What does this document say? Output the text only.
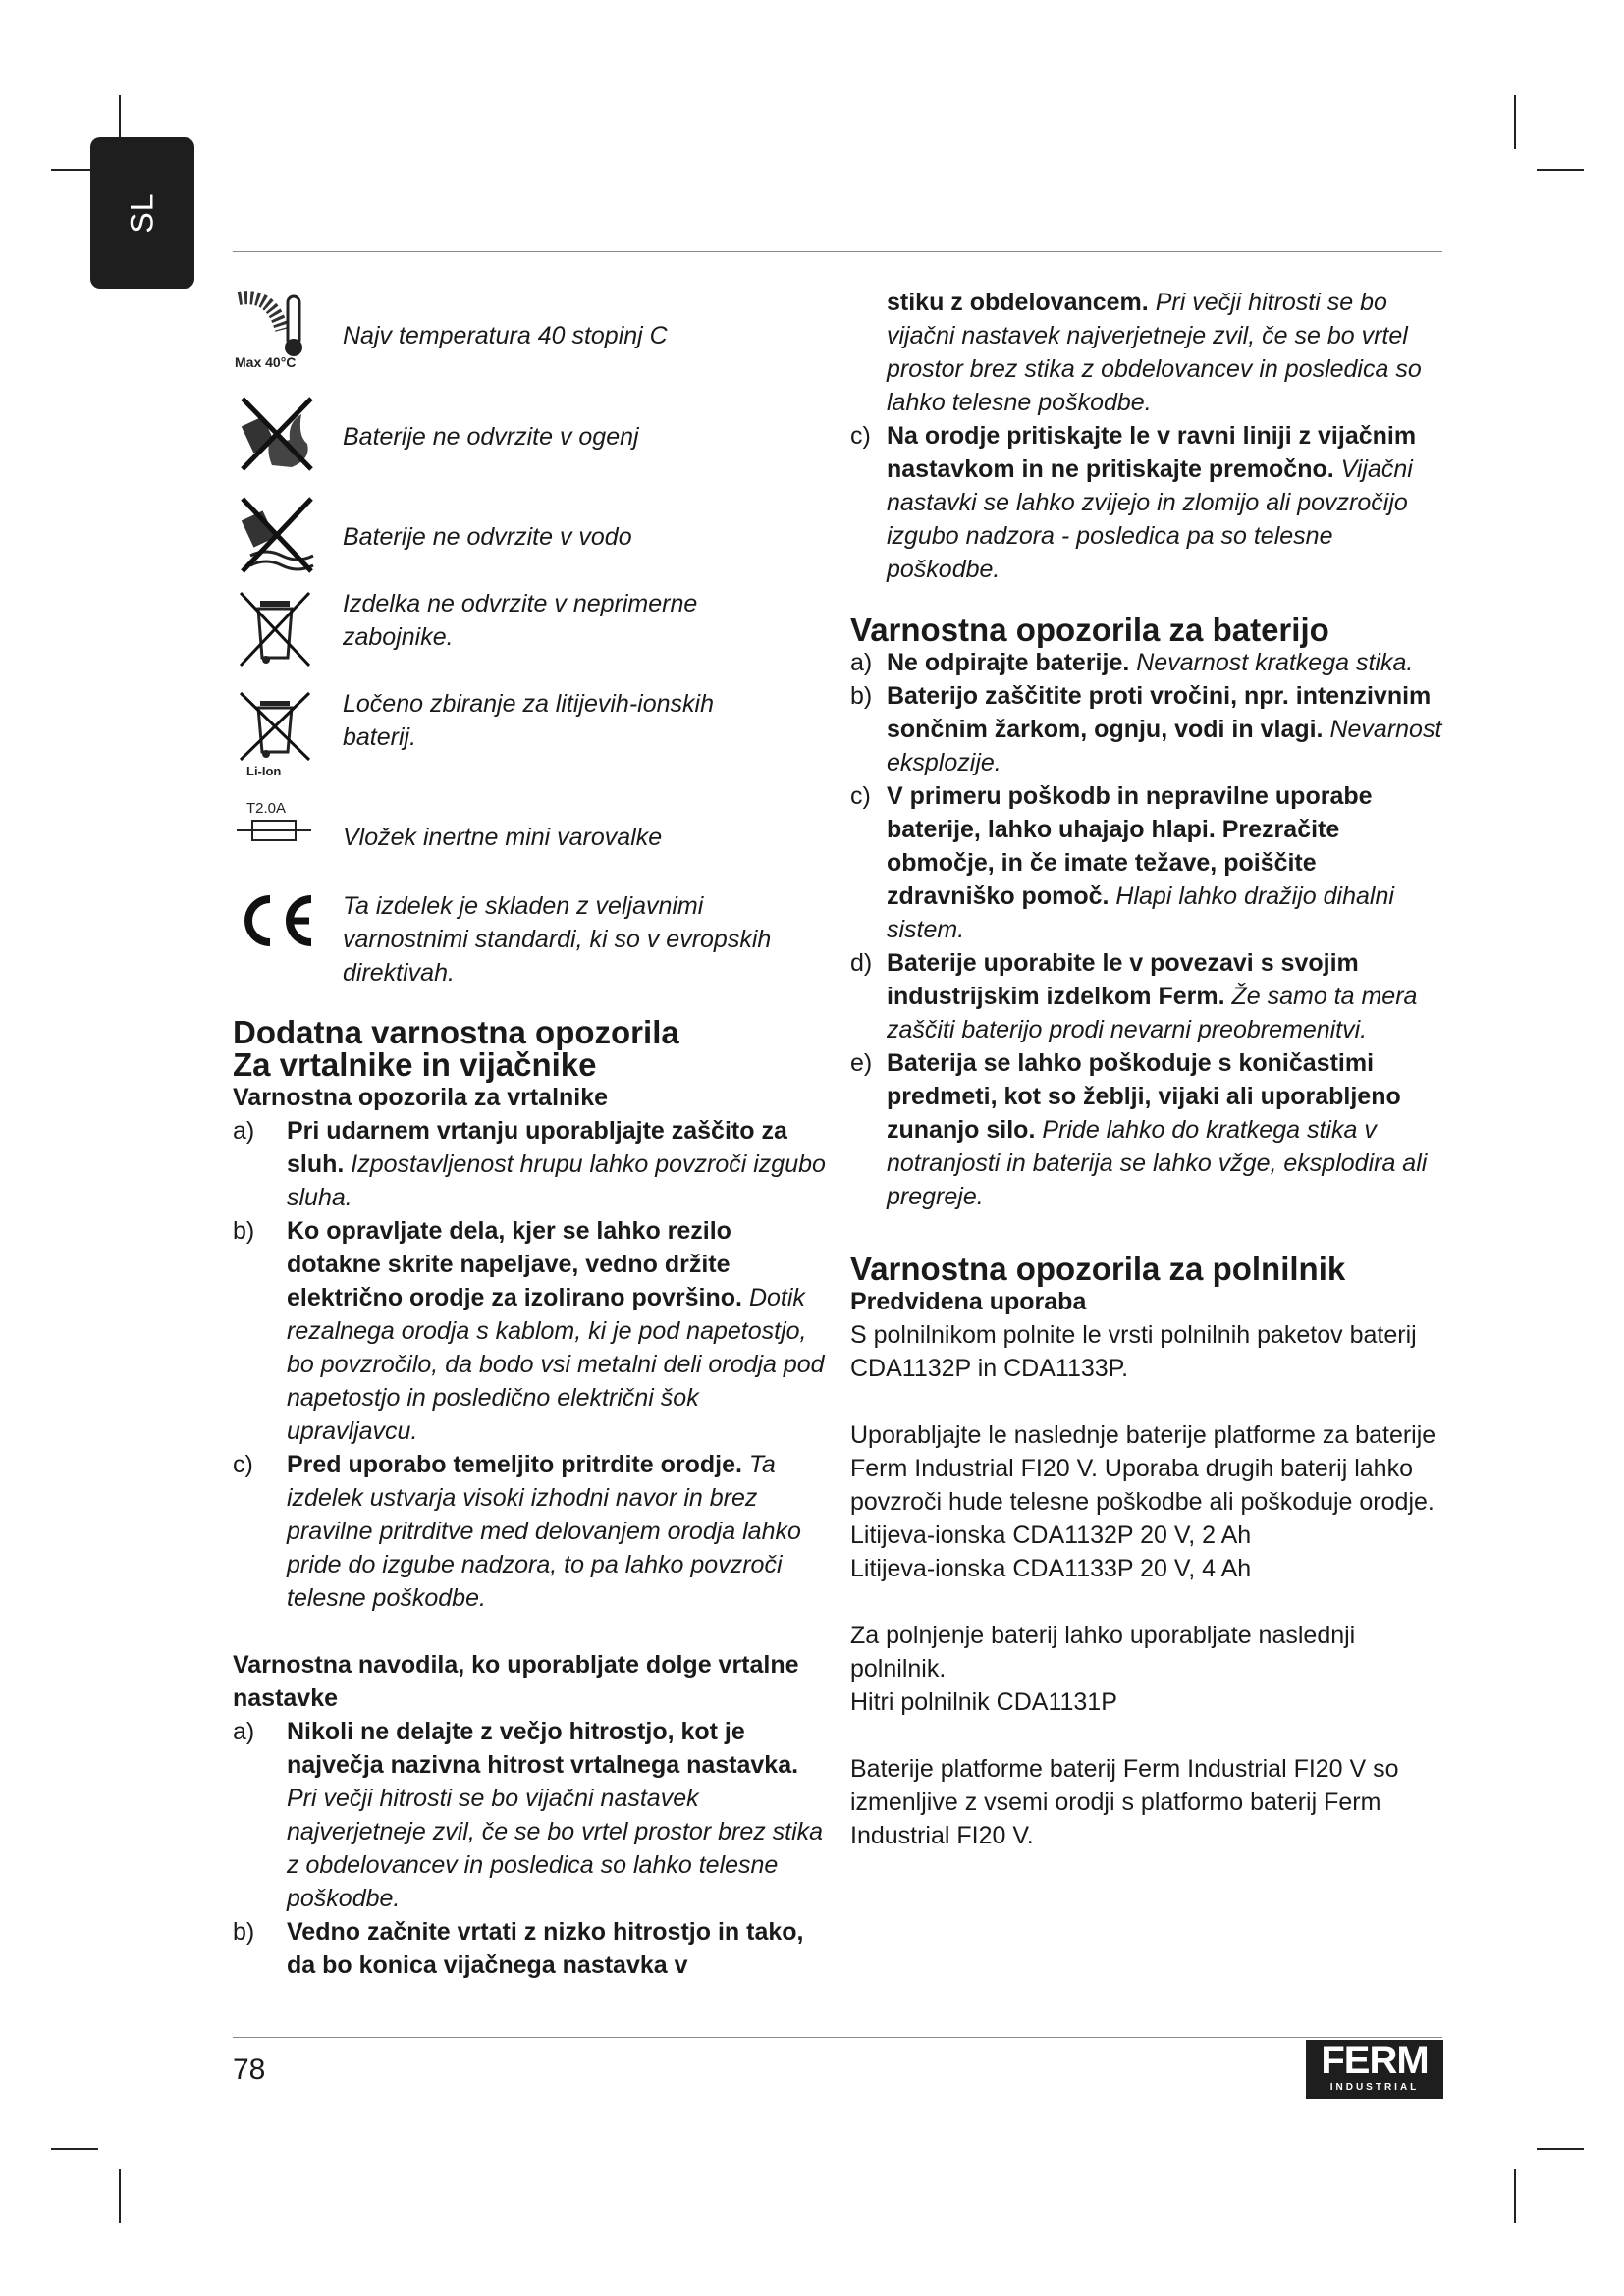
SL
Max 40°C
Najv temperatura 40 stopinj C
Baterije ne odvrzite v ogenj
Baterije ne odvrzite v vodo
Izdelka ne odvrzite v neprimerne zabojnike.
Li-Ion
Ločeno zbiranje za litijevih-ionskih baterij.
T2.0A
Vložek inertne mini varovalke
Ta izdelek je skladen z veljavnimi varnostnimi standardi, ki so v evropskih direktivah.
Dodatna varnostna opozorila
Za vrtalnike in vijačnike
Varnostna opozorila za vrtalnike
a)	Pri udarnem vrtanju uporabljajte zaščito za sluh. Izpostavljenost hrupu lahko povzroči izgubo sluha.

b)	Ko opravljate dela, kjer se lahko rezilo dotakne skrite napeljave, vedno držite električno orodje za izolirano površino. Dotik rezalnega orodja s kablom, ki je pod napetostjo, bo povzročilo, da bodo vsi metalni deli orodja pod napetostjo in posledično električni šok upravljavcu.

c)	Pred uporabo temeljito pritrdite orodje. Ta izdelek ustvarja visoki izhodni navor in brez pravilne pritrditve med delovanjem orodja lahko pride do izgube nadzora, to pa lahko povzroči telesne poškodbe.

Varnostna navodila, ko uporabljate dolge vrtalne nastavke
a)	Nikoli ne delajte z večjo hitrostjo, kot je največja nazivna hitrost vrtalnega nastavka. Pri večji hitrosti se bo vijačni nastavek najverjetneje zvil, če se bo vrtel prostor brez stika z obdelovancev in posledica so lahko telesne poškodbe.

b)	Vedno začnite vrtati z nizko hitrostjo in tako, da bo konica vijačnega nastavka v

stiku z obdelovancem. Pri večji hitrosti se bo vijačni nastavek najverjetneje zvil, če se bo vrtel prostor brez stika z obdelovancev in posledica so lahko telesne poškodbe.

c) Na orodje pritiskajte le v ravni liniji z vijačnim nastavkom in ne pritiskajte premočno. Vijačni nastavki se lahko zvijejo in zlomijo ali povzročijo izgubo nadzora - posledica pa so telesne poškodbe.

Varnostna opozorila za baterijo
a) Ne odpirajte baterije. Nevarnost kratkega stika.

b) Baterijo zaščitite proti vročini, npr. intenzivnim sončnim žarkom, ognju, vodi in vlagi. Nevarnost eksplozije.

c) V primeru poškodb in nepravilne uporabe baterije, lahko uhajajo hlapi. Prezračite območje, in če imate težave, poiščite zdravniško pomoč. Hlapi lahko dražijo dihalni sistem.

d) Baterije uporabite le v povezavi s svojim industrijskim izdelkom Ferm. Že samo ta mera zaščiti baterijo prodi nevarni preobremenitvi.

e) Baterija se lahko poškoduje s koničastimi predmeti, kot so žeblji, vijaki ali uporabljeno zunanjo silo. Pride lahko do kratkega stika v notranjosti in baterija se lahko vžge, eksplodira ali pregreje.

Varnostna opozorila za polnilnik
Predvidena uporaba

S polnilnikom polnite le vrsti polnilnih paketov baterij CDA1132P in CDA1133P.

Uporabljajte le naslednje baterije platforme za baterije Ferm Industrial FI20 V. Uporaba drugih baterij lahko povzroči hude telesne poškodbe ali poškoduje orodje.

Litijeva-ionska CDA1132P 20 V, 2 Ah

Litijeva-ionska CDA1133P 20 V, 4 Ah

Za polnjenje baterij lahko uporabljate naslednji polnilnik.

Hitri polnilnik CDA1131P

Baterije platforme baterij Ferm Industrial FI20 V so izmenljive z vsemi orodji s platformo baterij Ferm Industrial FI20 V.

78	FERM
INDUSTRIAL
